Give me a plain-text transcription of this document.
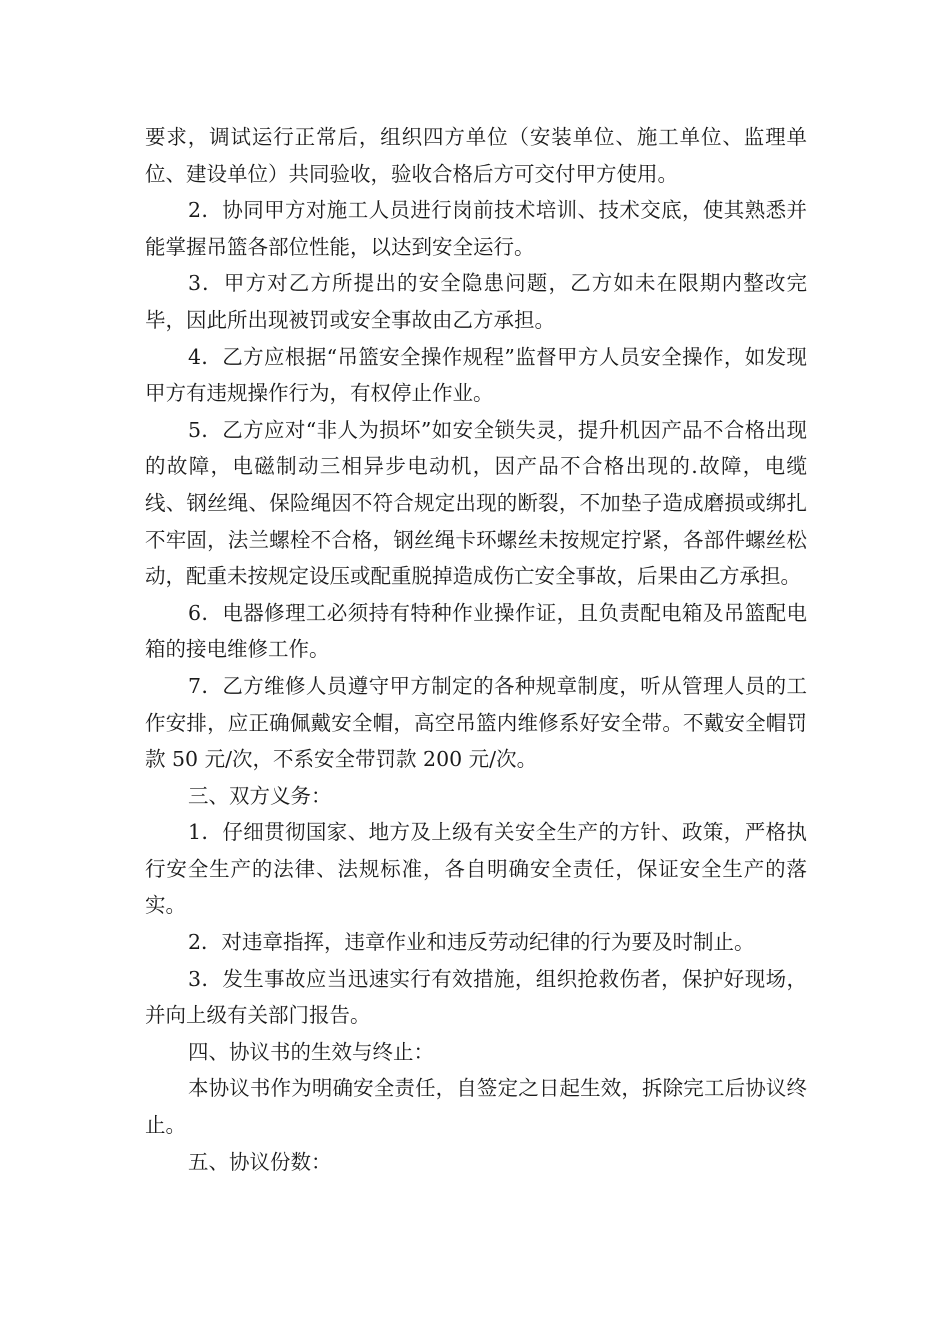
要求，调试运行正常后，组织四方单位（安装单位、施工单位、监理单位、建设单位）共同验收，验收合格后方可交付甲方使用。

2．协同甲方对施工人员进行岗前技术培训、技术交底，使其熟悉并能掌握吊篮各部位性能，以达到安全运行。

3．甲方对乙方所提出的安全隐患问题，乙方如未在限期内整改完毕，因此所出现被罚或安全事故由乙方承担。

4．乙方应根据“吊篮安全操作规程”监督甲方人员安全操作，如发现甲方有违规操作行为，有权停止作业。

5．乙方应对“非人为损坏”如安全锁失灵，提升机因产品不合格出现的故障，电磁制动三相异步电动机，因产品不合格出现的.故障，电缆线、钢丝绳、保险绳因不符合规定出现的断裂，不加垫子造成磨损或绑扎不牢固，法兰螺栓不合格，钢丝绳卡环螺丝未按规定拧紧，各部件螺丝松动，配重未按规定设压或配重脱掉造成伤亡安全事故，后果由乙方承担。

6．电器修理工必须持有特种作业操作证，且负责配电箱及吊篮配电箱的接电维修工作。

7．乙方维修人员遵守甲方制定的各种规章制度，听从管理人员的工作安排，应正确佩戴安全帽，高空吊篮内维修系好安全带。不戴安全帽罚款 50 元/次，不系安全带罚款 200 元/次。

三、双方义务：

1．仔细贯彻国家、地方及上级有关安全生产的方针、政策，严格执行安全生产的法律、法规标准，各自明确安全责任，保证安全生产的落实。

2．对违章指挥，违章作业和违反劳动纪律的行为要及时制止。

3．发生事故应当迅速实行有效措施，组织抢救伤者，保护好现场，并向上级有关部门报告。

四、协议书的生效与终止：

本协议书作为明确安全责任，自签定之日起生效，拆除完工后协议终止。

五、协议份数：
